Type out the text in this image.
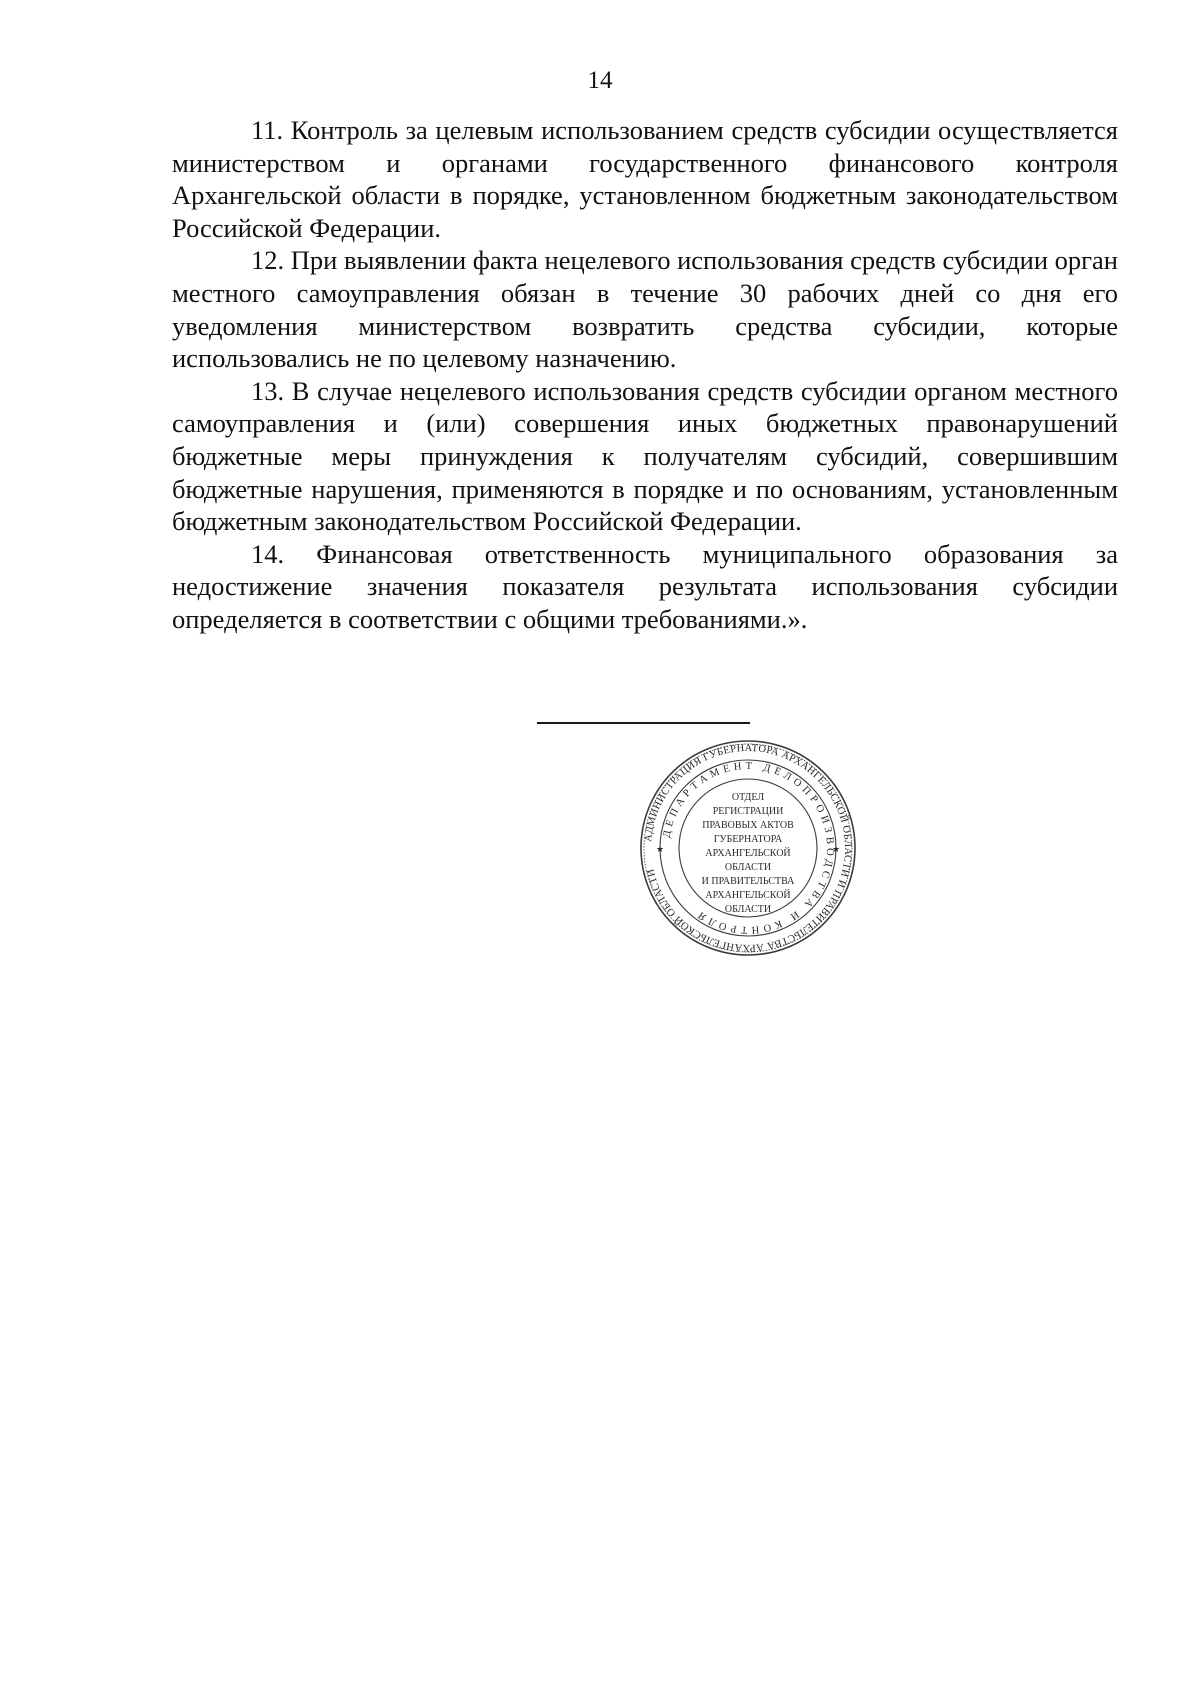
14

11. Контроль за целевым использованием средств субсидии осуществляется министерством и органами государственного финансового контроля Архангельской области в порядке, установленном бюджетным законодательством Российской Федерации.

12. При выявлении факта нецелевого использования средств субсидии орган местного самоуправления обязан в течение 30 рабочих дней со дня его уведомления министерством возвратить средства субсидии, которые использовались не по целевому назначению.

13. В случае нецелевого использования средств субсидии органом местного самоуправления и (или) совершения иных бюджетных правонарушений бюджетные меры принуждения к получателям субсидий, совершившим бюджетные нарушения, применяются в порядке и по основаниям, установленным бюджетным законодательством Российской Федерации.

14. Финансовая ответственность муниципального образования за недостижение значения показателя результата использования субсидии определяется в соответствии с общими требованиями.».

АДМИНИСТРАЦИЯ ГУБЕРНАТОРА АРХАНГЕЛЬСКОЙ ОБЛАСТИ И ПРАВИТЕЛЬСТВА АРХАНГЕЛЬСКОЙ ОБЛАСТИ
ДЕПАРТАМЕНТ ДЕЛОПРОИЗВОДСТВА И КОНТРОЛЯ
★	★
ОТДЕЛ
РЕГИСТРАЦИИ
ПРАВОВЫХ АКТОВ
ГУБЕРНАТОРА
АРХАНГЕЛЬСКОЙ
ОБЛАСТИ
И ПРАВИТЕЛЬСТВА
АРХАНГЕЛЬСКОЙ
ОБЛАСТИ
